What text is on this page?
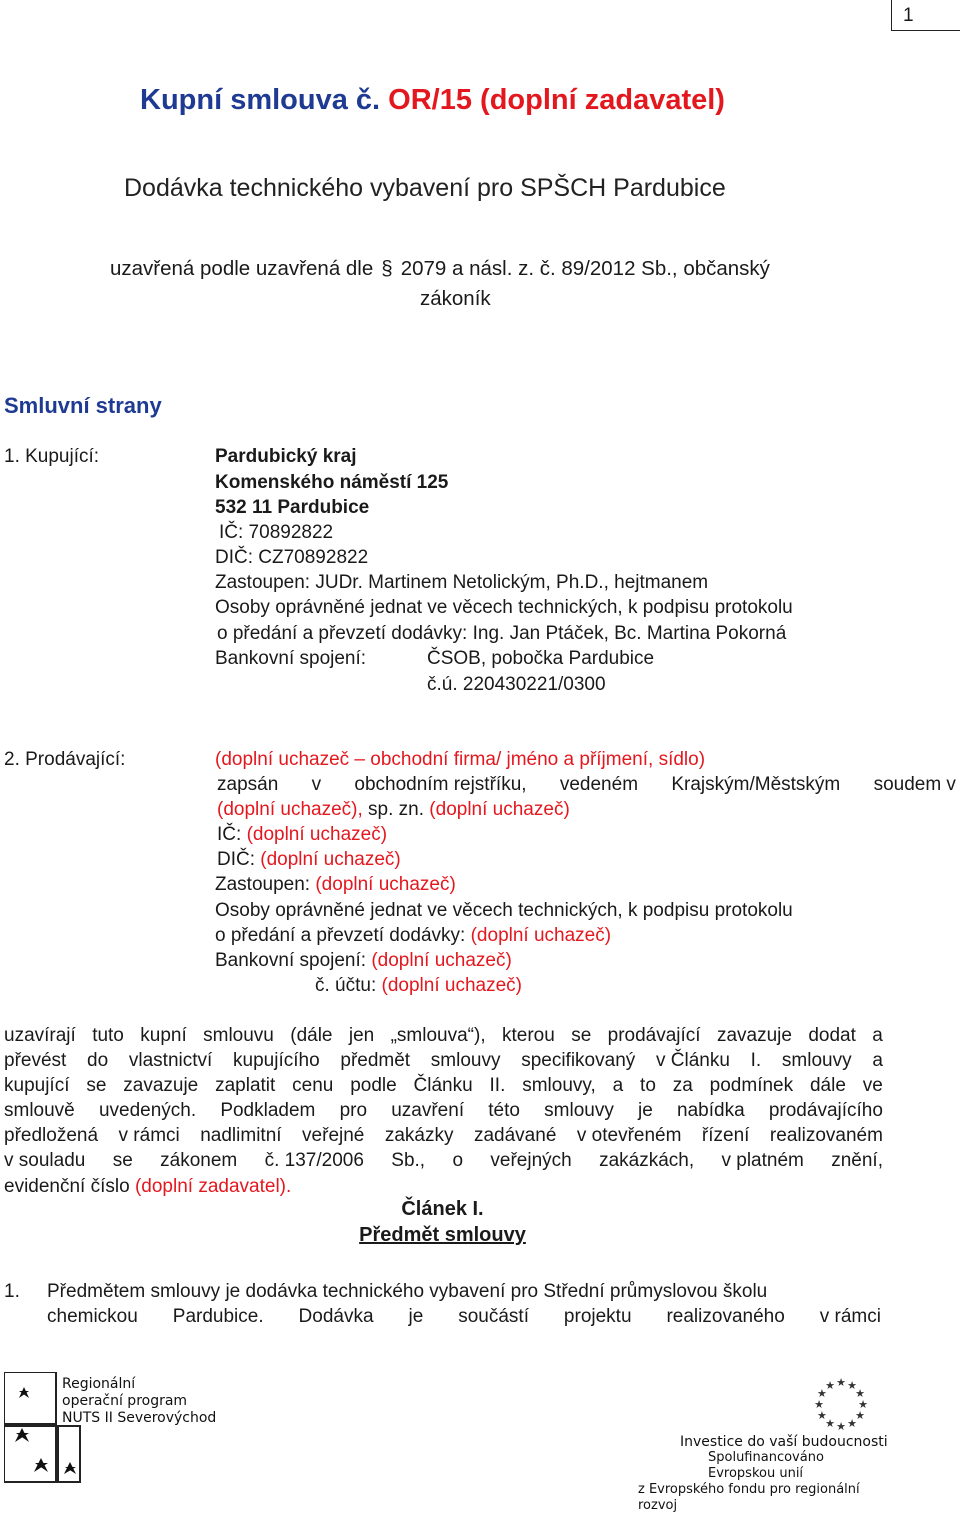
1
Kupní smlouva č. OR/15 (doplní zadavatel)
Dodávka technického vybavení pro SPŠCH Pardubice
uzavřená podle uzavřená dle § 2079 a násl. z. č. 89/2012 Sb., občanský
zákoník
Smluvní strany
1. Kupující:	Pardubický kraj
Komenského náměstí 125
532 11 Pardubice
IČ: 70892822
DIČ: CZ70892822
Zastoupen: JUDr. Martinem Netolickým, Ph.D., hejtmanem
Osoby oprávněné jednat ve věcech technických, k podpisu protokolu
o předání a převzetí dodávky: Ing. Jan Ptáček, Bc. Martina Pokorná
Bankovní spojení:	ČSOB, pobočka Pardubice
č.ú. 220430221/0300
2. Prodávající:	(doplní uchazeč – obchodní firma/ jméno a příjmení, sídlo)
zapsán v obchodním rejstříku, vedeném Krajským/Městským soudem v
(doplní uchazeč), sp. zn. (doplní uchazeč)
IČ: (doplní uchazeč)
DIČ: (doplní uchazeč)
Zastoupen: (doplní uchazeč)
Osoby oprávněné jednat ve věcech technických, k podpisu protokolu
o předání a převzetí dodávky: (doplní uchazeč)
Bankovní spojení: (doplní uchazeč)
č. účtu: (doplní uchazeč)
uzavírají tuto kupní smlouvu (dále jen „smlouva“), kterou se prodávající zavazuje dodat a
převést do vlastnictví kupujícího předmět smlouvy specifikovaný v Článku I. smlouvy a
kupující se zavazuje zaplatit cenu podle Článku II. smlouvy, a to za podmínek dále ve
smlouvě uvedených. Podkladem pro uzavření této smlouvy je nabídka prodávajícího
předložená v rámci nadlimitní veřejné zakázky zadávané v otevřeném řízení realizovaném
v souladu se zákonem č. 137/2006 Sb., o veřejných zakázkách, v platném znění,
evidenční číslo (doplní zadavatel).
Článek I.
Předmět smlouvy
1. Předmětem smlouvy je dodávka technického vybavení pro Střední průmyslovou školu
chemickou Pardubice. Dodávka je součástí projektu realizovaného v rámci
Regionální
operační program
NUTS II Severovýchod
★ ★
★
★
★
★
★
★
★
★
★
★
Investice do vaší budoucnosti
Spolufinancováno Evropskou unií
z Evropského fondu pro regionální rozvoj
